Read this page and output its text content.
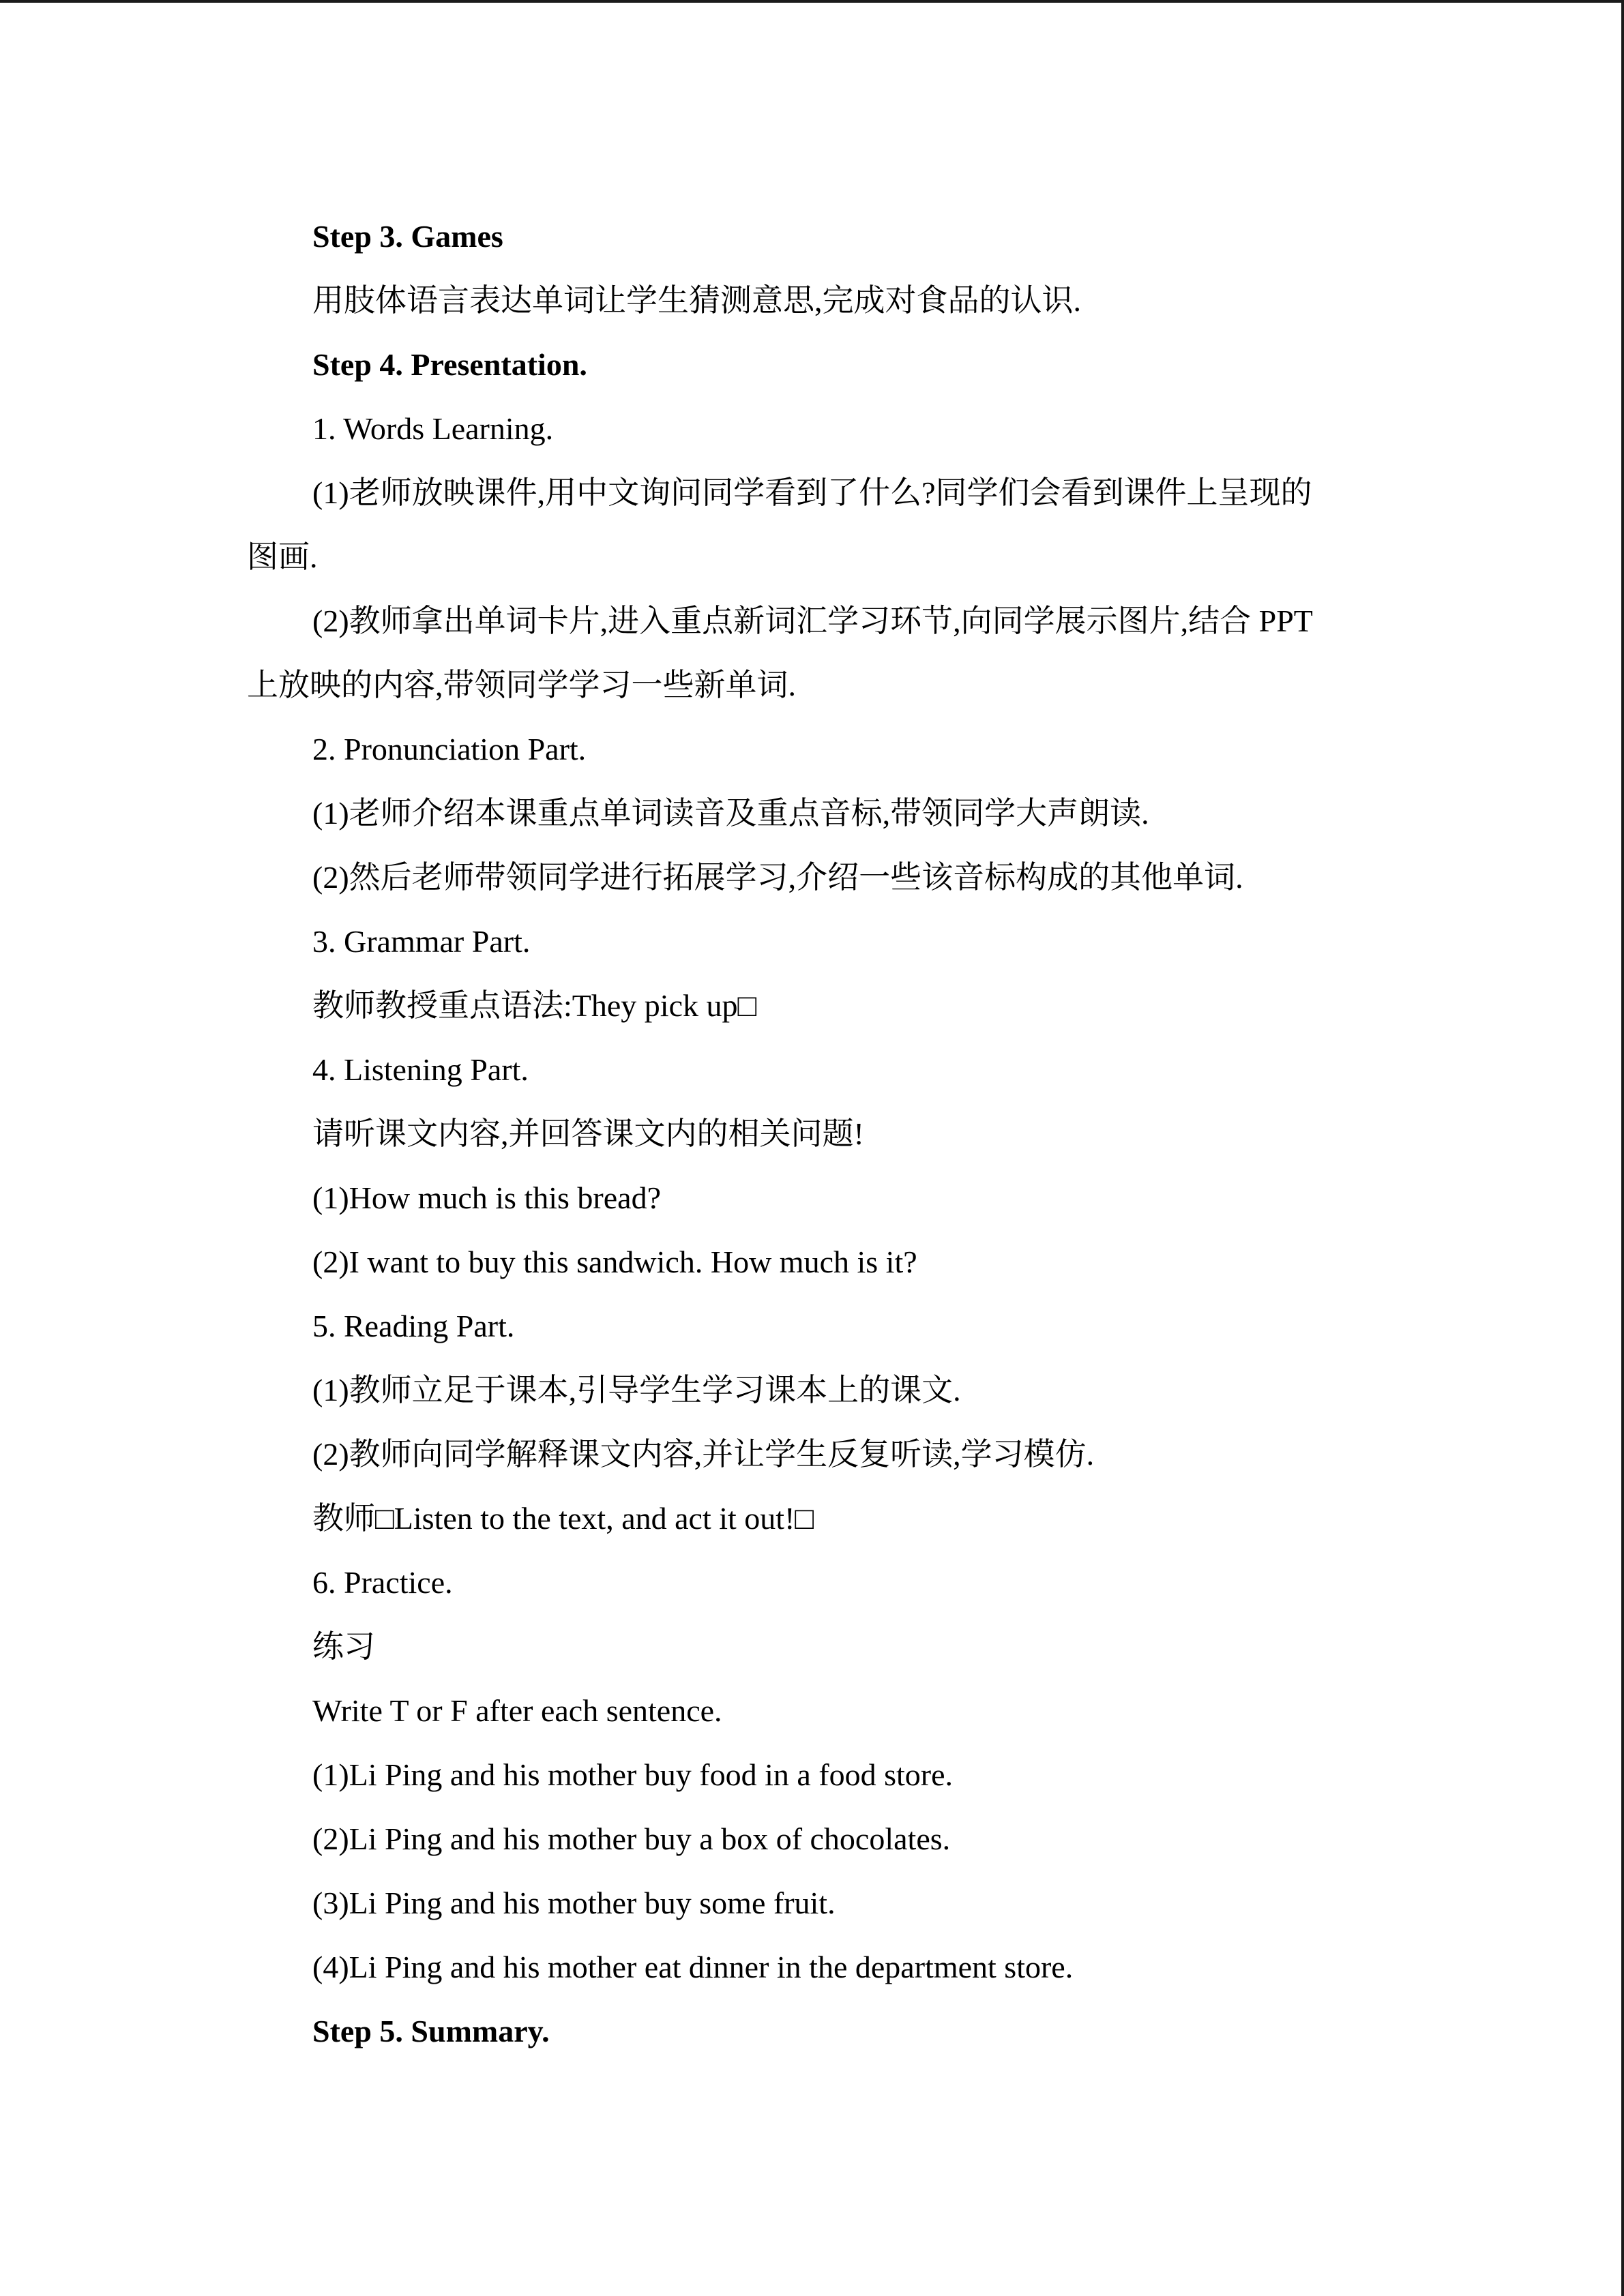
Step 3. Games
用肢体语言表达单词让学生猜测意思,完成对食品的认识.
Step 4. Presentation.
1. Words Learning.
(1)老师放映课件,用中文询问同学看到了什么?同学们会看到课件上呈现的
图画.
(2)教师拿出单词卡片,进入重点新词汇学习环节,向同学展示图片,结合 PPT
上放映的内容,带领同学学习一些新单词.
2. Pronunciation Part.
(1)老师介绍本课重点单词读音及重点音标,带领同学大声朗读.
(2)然后老师带领同学进行拓展学习,介绍一些该音标构成的其他单词.
3. Grammar Part.
教师教授重点语法:They pick up□
4. Listening Part.
请听课文内容,并回答课文内的相关问题!
(1)How much is this bread?
(2)I want to buy this sandwich. How much is it?
5. Reading Part.
(1)教师立足于课本,引导学生学习课本上的课文.
(2)教师向同学解释课文内容,并让学生反复听读,学习模仿.
教师□Listen to the text, and act it out!□
6. Practice.
练习
Write T or F after each sentence.
(1)Li Ping and his mother buy food in a food store.
(2)Li Ping and his mother buy a box of chocolates.
(3)Li Ping and his mother buy some fruit.
(4)Li Ping and his mother eat dinner in the department store.
Step 5. Summary.
